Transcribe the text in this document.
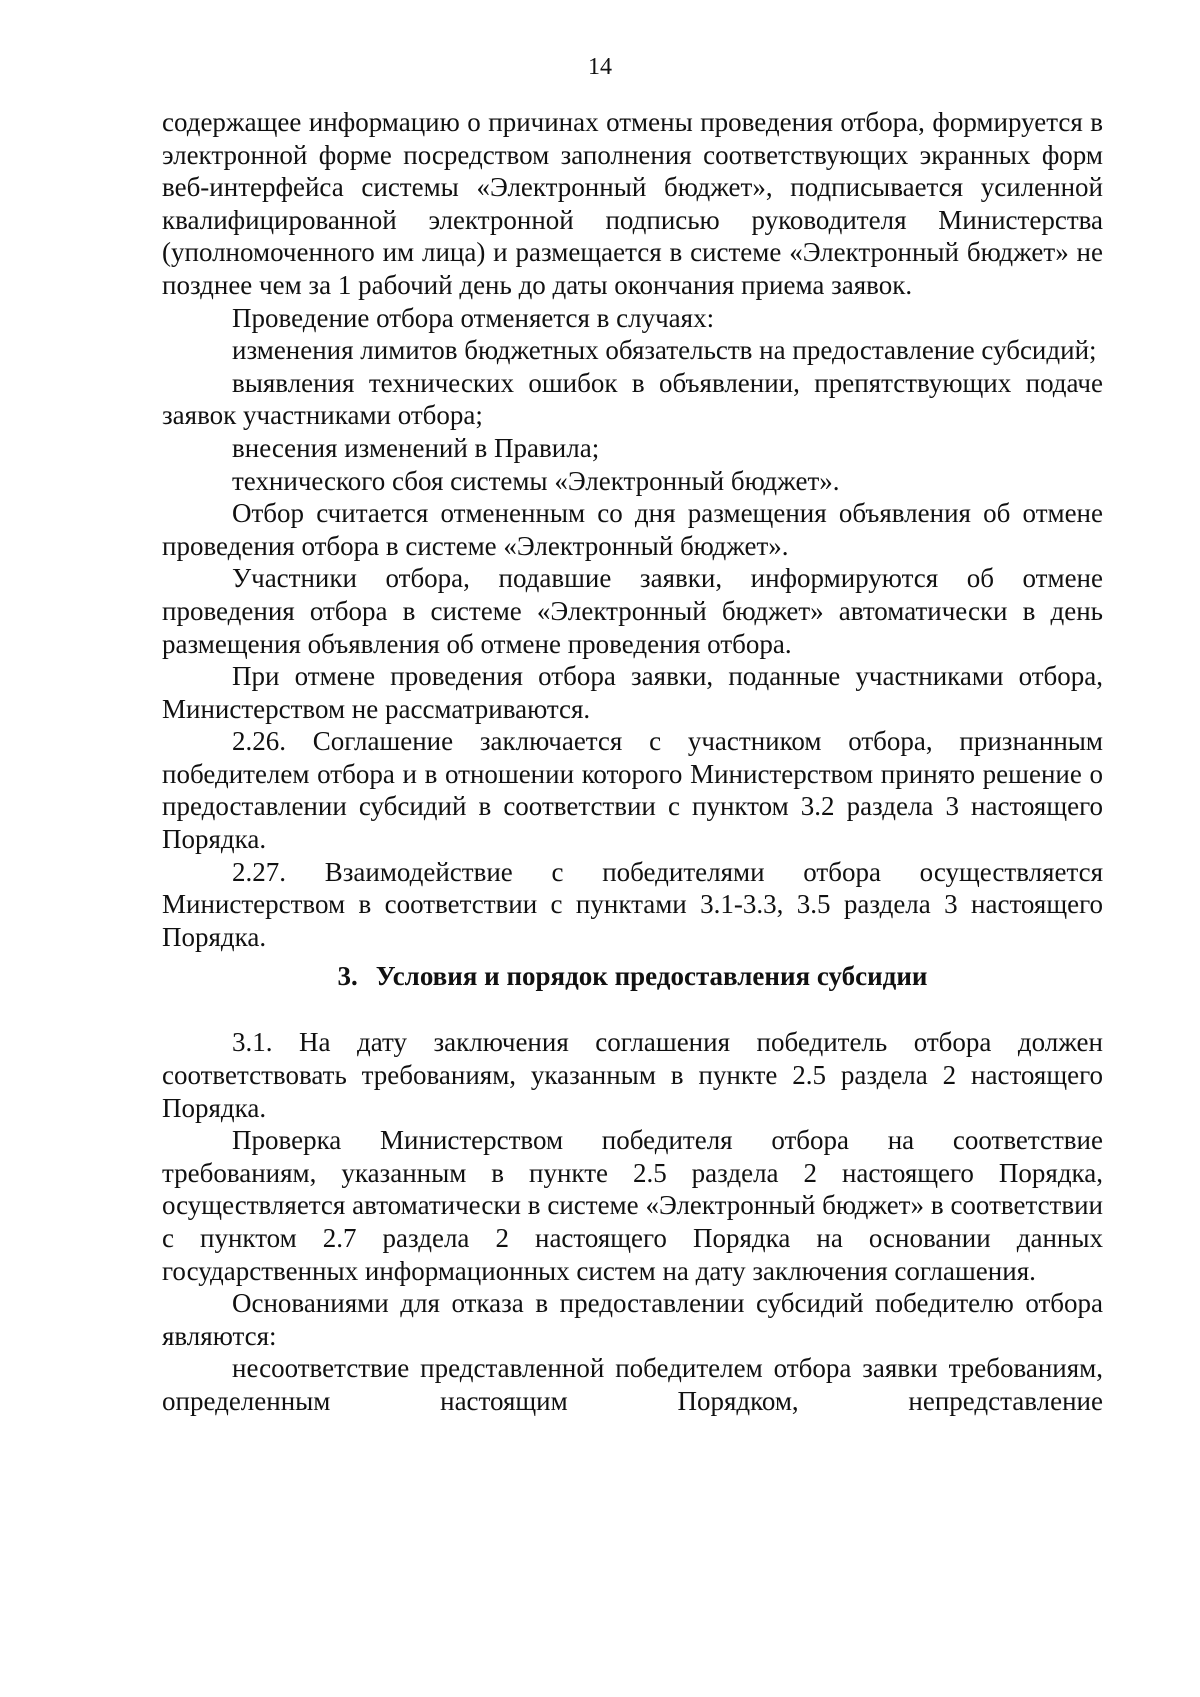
14

содержащее информацию о причинах отмены проведения отбора, формируется в электронной форме посредством заполнения соответствующих экранных форм веб-интерфейса системы «Электронный бюджет», подписывается усиленной квалифицированной электронной подписью руководителя Министерства (уполномоченного им лица) и размещается в системе «Электронный бюджет» не позднее чем за 1 рабочий день до даты окончания приема заявок.

Проведение отбора отменяется в случаях:

изменения лимитов бюджетных обязательств на предоставление субсидий;

выявления технических ошибок в объявлении, препятствующих подаче заявок участниками отбора;

внесения изменений в Правила;

технического сбоя системы «Электронный бюджет».

Отбор считается отмененным со дня размещения объявления об отмене проведения отбора в системе «Электронный бюджет».

Участники отбора, подавшие заявки, информируются об отмене проведения отбора в системе «Электронный бюджет» автоматически в день размещения объявления об отмене проведения отбора.

При отмене проведения отбора заявки, поданные участниками отбора, Министерством не рассматриваются.

2.26. Соглашение заключается с участником отбора, признанным победителем отбора и в отношении которого Министерством принято решение о предоставлении субсидий в соответствии с пунктом 3.2 раздела 3 настоящего Порядка.

2.27. Взаимодействие с победителями отбора осуществляется Министерством в соответствии с пунктами 3.1-3.3, 3.5 раздела 3 настоящего Порядка.

3. Условия и порядок предоставления субсидии

3.1. На дату заключения соглашения победитель отбора должен соответствовать требованиям, указанным в пункте 2.5 раздела 2 настоящего Порядка.

Проверка Министерством победителя отбора на соответствие требованиям, указанным в пункте 2.5 раздела 2 настоящего Порядка, осуществляется автоматически в системе «Электронный бюджет» в соответствии с пунктом 2.7 раздела 2 настоящего Порядка на основании данных государственных информационных систем на дату заключения соглашения.

Основаниями для отказа в предоставлении субсидий победителю отбора являются:

несоответствие представленной победителем отбора заявки требованиям, определенным настоящим Порядком, непредставление
